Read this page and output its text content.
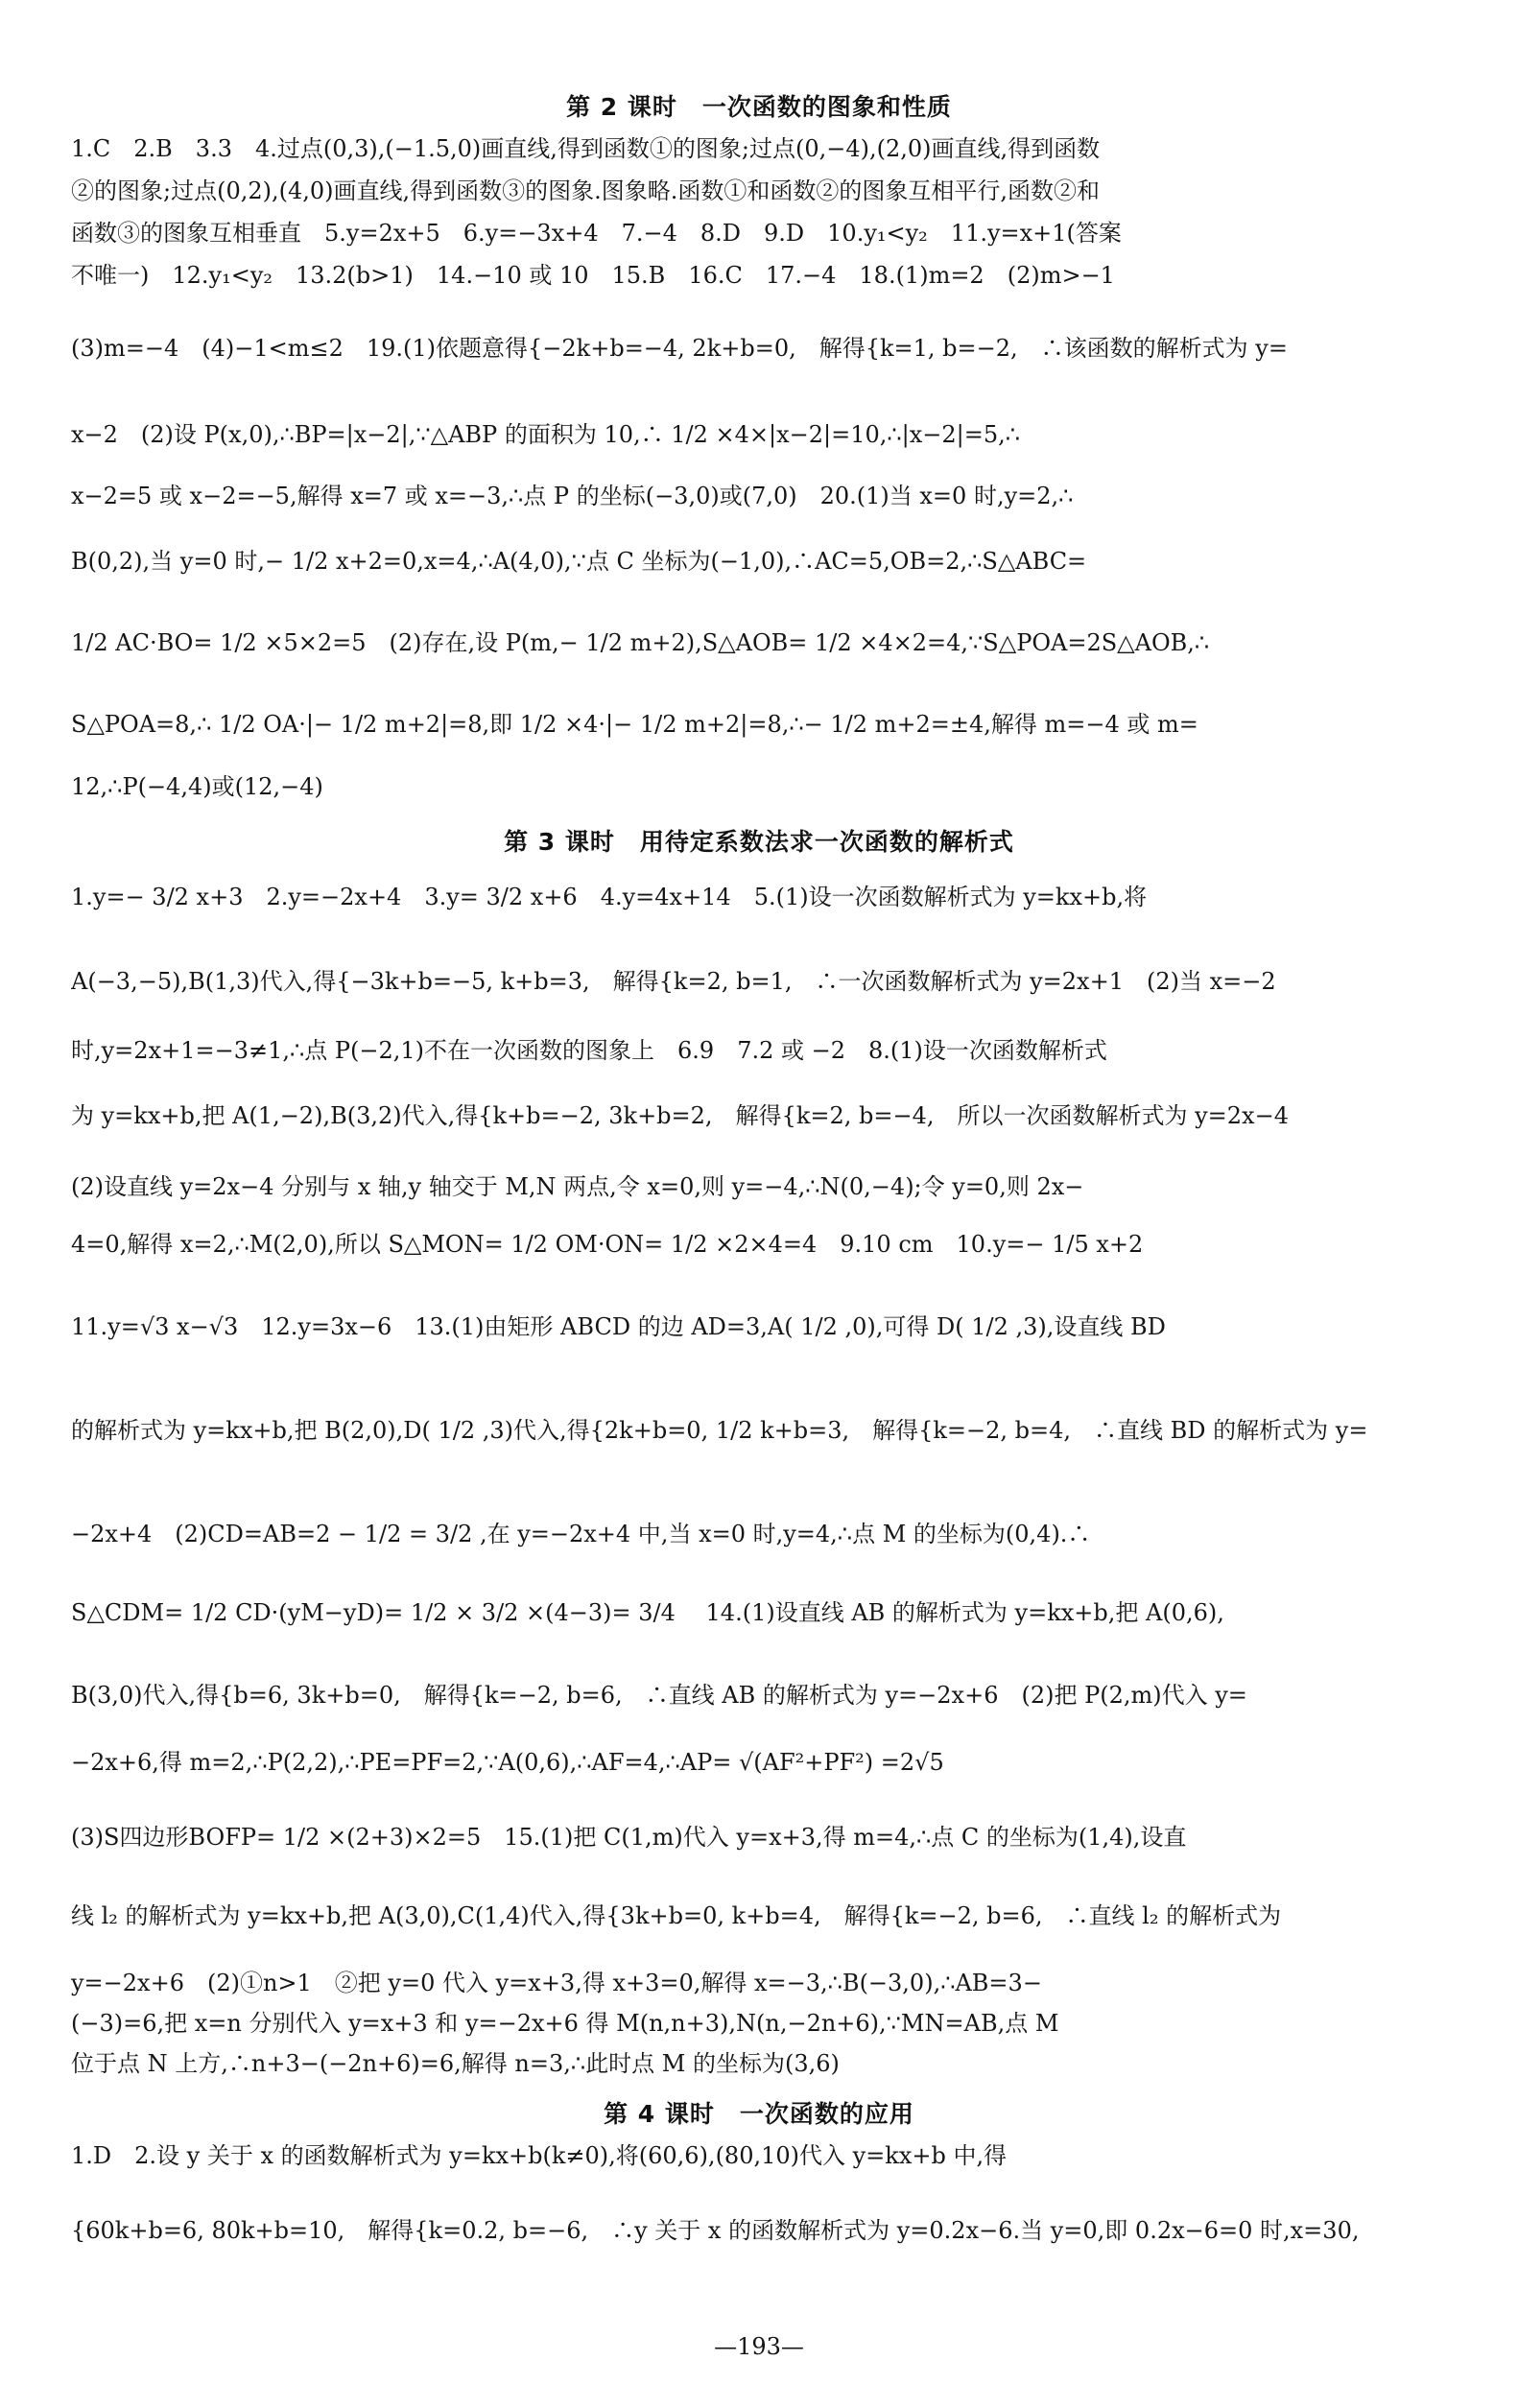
第 2 课时　一次函数的图象和性质
1.C　2.B　3.3　4.过点(0,3),(−1.5,0)画直线,得到函数①的图象;过点(0,−4),(2,0)画直线,得到函数
②的图象;过点(0,2),(4,0)画直线,得到函数③的图象.图象略.函数①和函数②的图象互相平行,函数②和
函数③的图象互相垂直　5.y=2x+5　6.y=−3x+4　7.−4　8.D　9.D　10.y₁<y₂　11.y=x+1(答案
不唯一)　12.y₁<y₂　13.2(b>1)　14.−10 或 10　15.B　16.C　17.−4　18.(1)m=2　(2)m>−1
(3)m=−4　(4)−1<m≤2　19.(1)依题意得{−2k+b=−4, 2k+b=0,　解得{k=1, b=−2,　∴该函数的解析式为 y=
x−2　(2)设 P(x,0),∴BP=|x−2|,∵△ABP 的面积为 10,∴ 1/2 ×4×|x−2|=10,∴|x−2|=5,∴
x−2=5 或 x−2=−5,解得 x=7 或 x=−3,∴点 P 的坐标(−3,0)或(7,0)　20.(1)当 x=0 时,y=2,∴
B(0,2),当 y=0 时,− 1/2 x+2=0,x=4,∴A(4,0),∵点 C 坐标为(−1,0),∴AC=5,OB=2,∴S△ABC=
1/2 AC·BO= 1/2 ×5×2=5　(2)存在,设 P(m,− 1/2 m+2),S△AOB= 1/2 ×4×2=4,∵S△POA=2S△AOB,∴
S△POA=8,∴ 1/2 OA·|− 1/2 m+2|=8,即 1/2 ×4·|− 1/2 m+2|=8,∴− 1/2 m+2=±4,解得 m=−4 或 m=
12,∴P(−4,4)或(12,−4)
第 3 课时　用待定系数法求一次函数的解析式
1.y=− 3/2 x+3　2.y=−2x+4　3.y= 3/2 x+6　4.y=4x+14　5.(1)设一次函数解析式为 y=kx+b,将
A(−3,−5),B(1,3)代入,得{−3k+b=−5, k+b=3,　解得{k=2, b=1,　∴一次函数解析式为 y=2x+1　(2)当 x=−2
时,y=2x+1=−3≠1,∴点 P(−2,1)不在一次函数的图象上　6.9　7.2 或 −2　8.(1)设一次函数解析式
为 y=kx+b,把 A(1,−2),B(3,2)代入,得{k+b=−2, 3k+b=2,　解得{k=2, b=−4,　所以一次函数解析式为 y=2x−4
(2)设直线 y=2x−4 分别与 x 轴,y 轴交于 M,N 两点,令 x=0,则 y=−4,∴N(0,−4);令 y=0,则 2x−
4=0,解得 x=2,∴M(2,0),所以 S△MON= 1/2 OM·ON= 1/2 ×2×4=4　9.10 cm　10.y=− 1/5 x+2
11.y=√3 x−√3　12.y=3x−6　13.(1)由矩形 ABCD 的边 AD=3,A( 1/2 ,0),可得 D( 1/2 ,3),设直线 BD
的解析式为 y=kx+b,把 B(2,0),D( 1/2 ,3)代入,得{2k+b=0, 1/2 k+b=3,　解得{k=−2, b=4,　∴直线 BD 的解析式为 y=
−2x+4　(2)CD=AB=2 − 1/2 = 3/2 ,在 y=−2x+4 中,当 x=0 时,y=4,∴点 M 的坐标为(0,4).∴
S△CDM= 1/2 CD·(yM−yD)= 1/2 × 3/2 ×(4−3)= 3/4 　14.(1)设直线 AB 的解析式为 y=kx+b,把 A(0,6),
B(3,0)代入,得{b=6, 3k+b=0,　解得{k=−2, b=6,　∴直线 AB 的解析式为 y=−2x+6　(2)把 P(2,m)代入 y=
−2x+6,得 m=2,∴P(2,2),∴PE=PF=2,∵A(0,6),∴AF=4,∴AP= √(AF²+PF²) =2√5
(3)S四边形BOFP= 1/2 ×(2+3)×2=5　15.(1)把 C(1,m)代入 y=x+3,得 m=4,∴点 C 的坐标为(1,4),设直
线 l₂ 的解析式为 y=kx+b,把 A(3,0),C(1,4)代入,得{3k+b=0, k+b=4,　解得{k=−2, b=6,　∴直线 l₂ 的解析式为
y=−2x+6　(2)①n>1　②把 y=0 代入 y=x+3,得 x+3=0,解得 x=−3,∴B(−3,0),∴AB=3−
(−3)=6,把 x=n 分别代入 y=x+3 和 y=−2x+6 得 M(n,n+3),N(n,−2n+6),∵MN=AB,点 M
位于点 N 上方,∴n+3−(−2n+6)=6,解得 n=3,∴此时点 M 的坐标为(3,6)
第 4 课时　一次函数的应用
1.D　2.设 y 关于 x 的函数解析式为 y=kx+b(k≠0),将(60,6),(80,10)代入 y=kx+b 中,得
{60k+b=6, 80k+b=10,　解得{k=0.2, b=−6,　∴y 关于 x 的函数解析式为 y=0.2x−6.当 y=0,即 0.2x−6=0 时,x=30,
—193—
